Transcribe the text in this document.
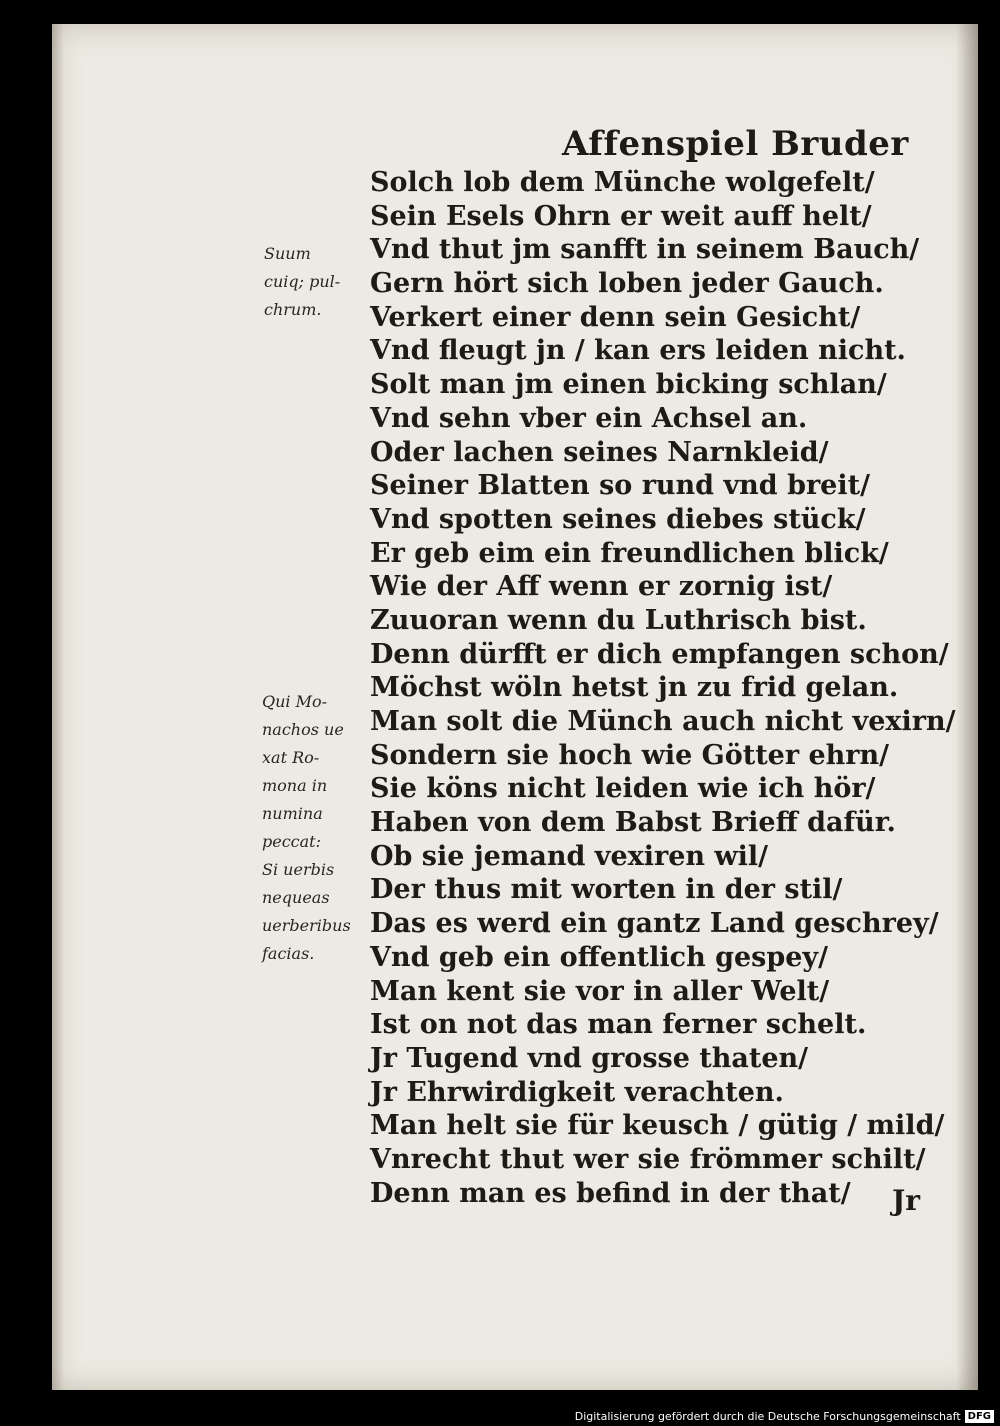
Affenspiel Bruder
Solch lob dem Münche wolgefelt/
Sein Esels Ohrn er weit auff helt/
Vnd thut jm sanfft in seinem Bauch/
Gern hört sich loben jeder Gauch.
Verkert einer denn sein Gesicht/
Vnd fleugt jn / kan ers leiden nicht.
Solt man jm einen bicking schlan/
Vnd sehn vber ein Achsel an.
Oder lachen seines Narnkleid/
Seiner Blatten so rund vnd breit/
Vnd spotten seines diebes stück/
Er geb eim ein freundlichen blick/
Wie der Aff wenn er zornig ist/
Zuuoran wenn du Luthrisch bist.
Denn dürfft er dich empfangen schon/
Möchst wöln hetst jn zu frid gelan.
Man solt die Münch auch nicht vexirn/
Sondern sie hoch wie Götter ehrn/
Sie köns nicht leiden wie ich hör/
Haben von dem Babst Brieff dafür.
Ob sie jemand vexiren wil/
Der thus mit worten in der stil/
Das es werd ein gantz Land geschrey/
Vnd geb ein offentlich gespey/
Man kent sie vor in aller Welt/
Ist on not das man ferner schelt.
Jr Tugend vnd grosse thaten/
Jr Ehrwirdigkeit verachten.
Man helt sie für keusch / gütig / mild/
Vnrecht thut wer sie frömmer schilt/
Denn man es befind in der that/
Suum
cuiq; pul-
chrum.
Qui Mo-
nachos ue
xat Ro-
mona in
numina
peccat:
Si uerbis
nequeas
uerberibus
facias.
Jr
Digitalisierung gefördert durch die Deutsche Forschungsgemeinschaft DFG
